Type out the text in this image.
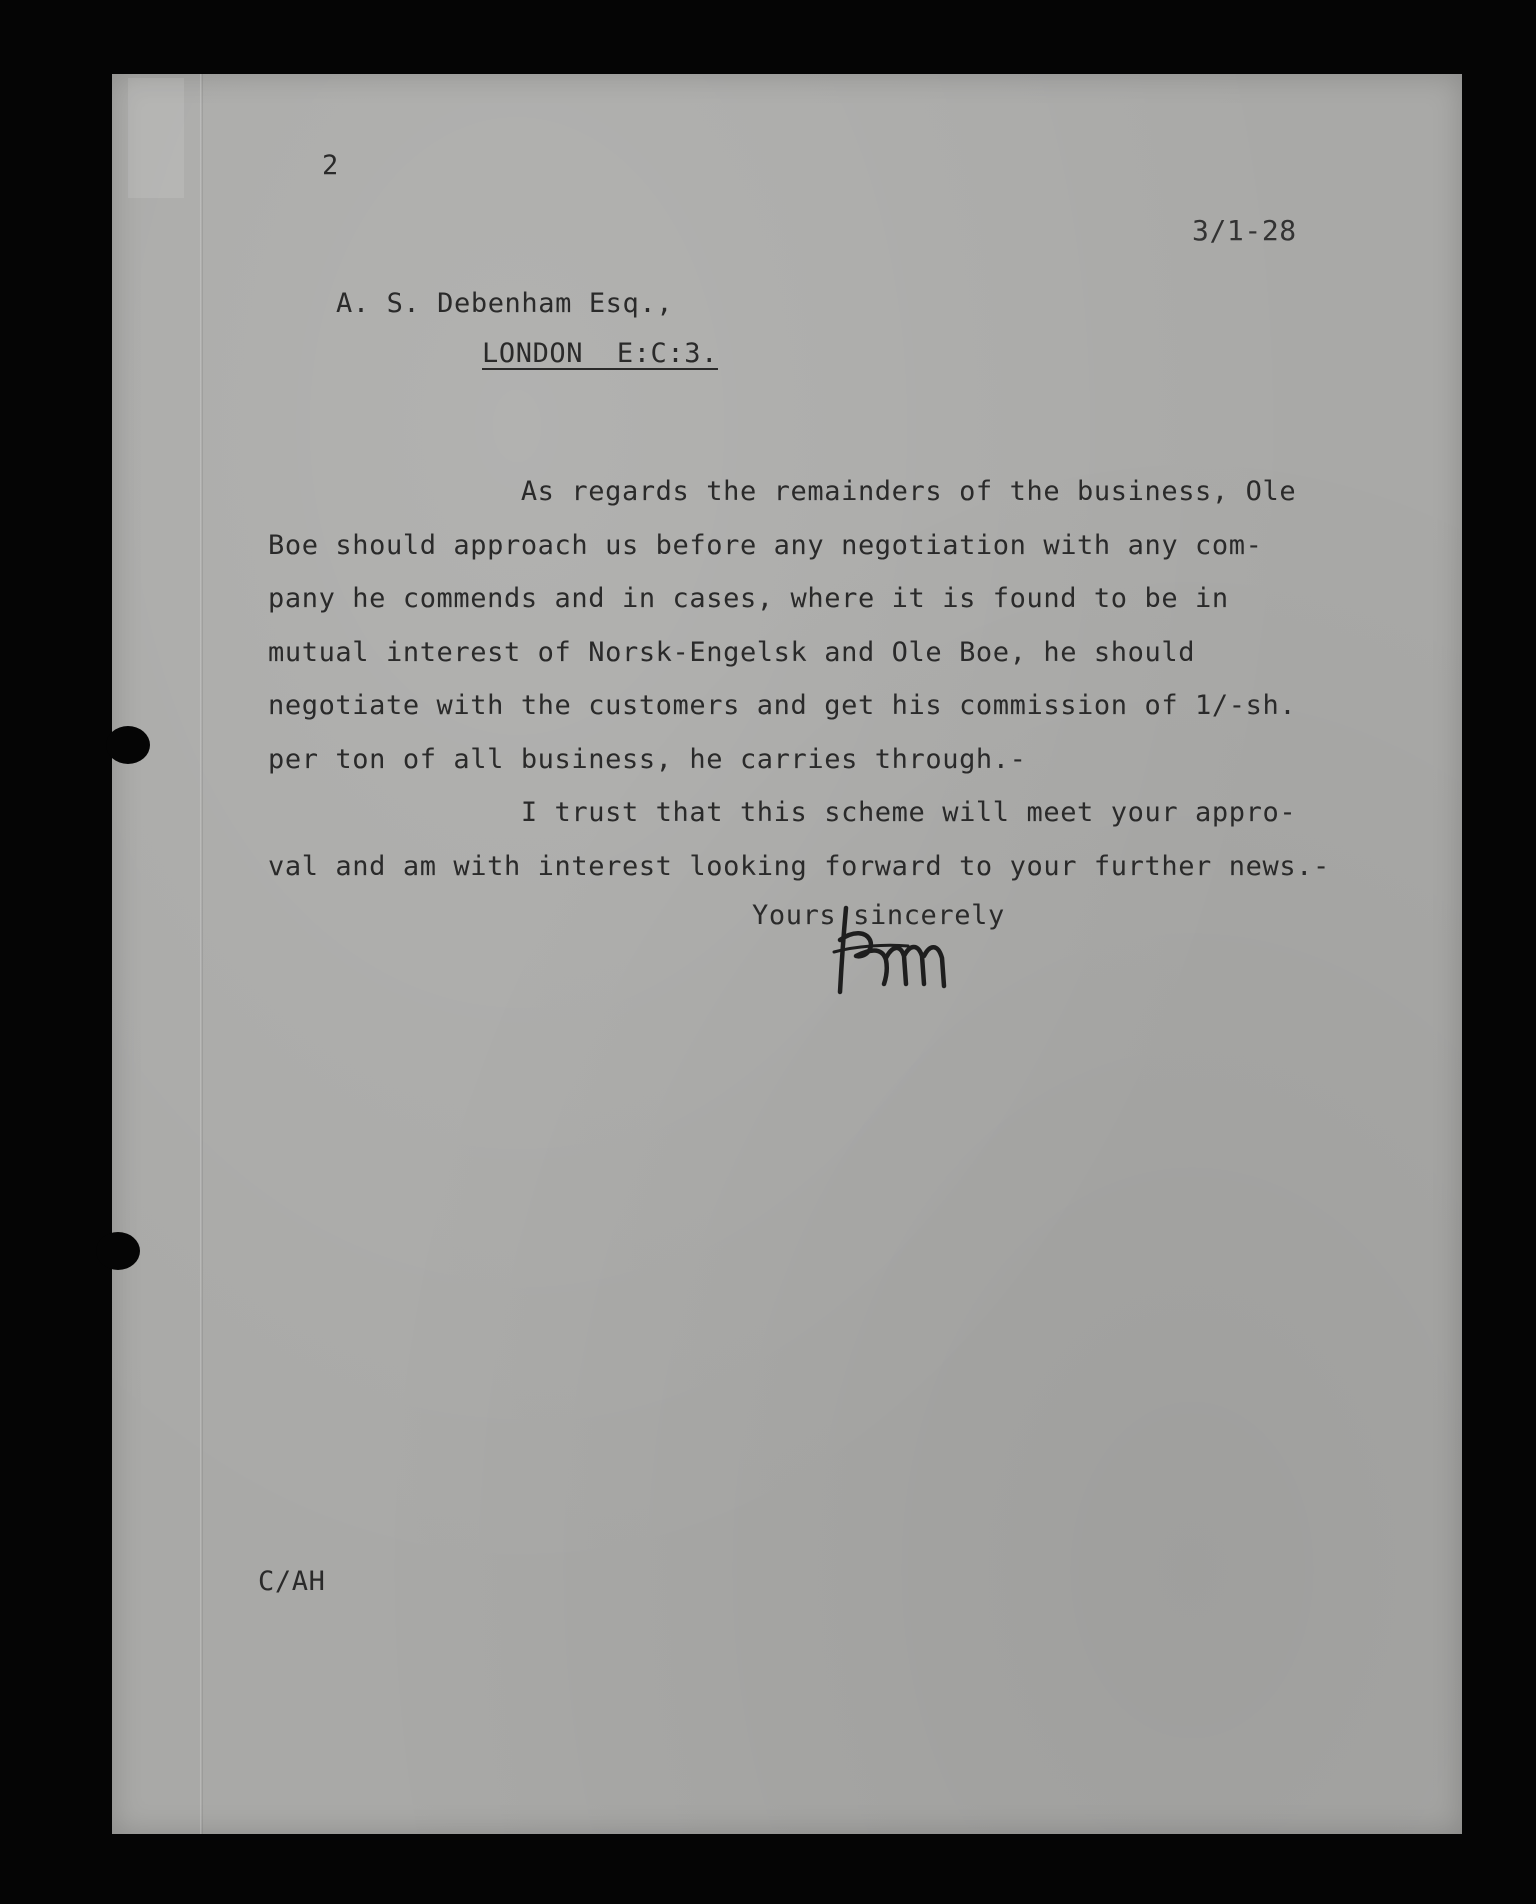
2
3/1-28
A. S. Debenham Esq.,
LONDON  E:C:3.
As regards the remainders of the business, Ole
Boe should approach us before any negotiation with any com-
pany he commends and in cases, where it is found to be in
mutual interest of Norsk-Engelsk and Ole Boe, he should
negotiate with the customers and get his commission of 1/-sh.
per ton of all business, he carries through.-
I trust that this scheme will meet your appro-
val and am with interest looking forward to your further news.-
Yours sincerely
C/AH
